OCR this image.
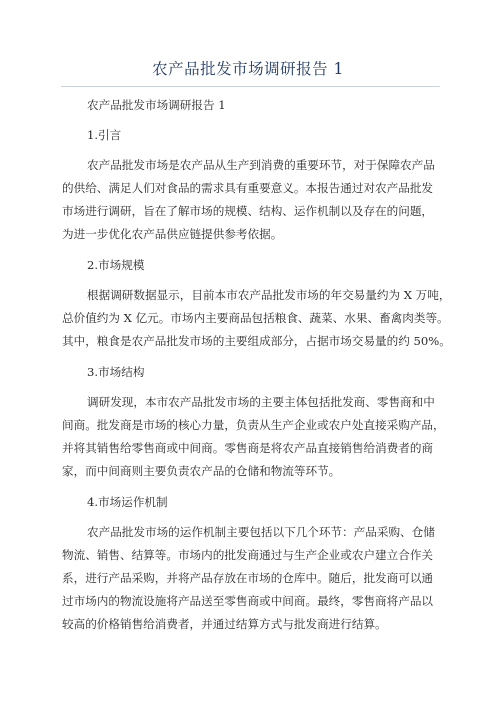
农产品批发市场调研报告 1
农产品批发市场调研报告 1
1.引言
农产品批发市场是农产品从生产到消费的重要环节，对于保障农产品
的供给、满足人们对食品的需求具有重要意义。本报告通过对农产品批发
市场进行调研，旨在了解市场的规模、结构、运作机制以及存在的问题，
为进一步优化农产品供应链提供参考依据。
2.市场规模
根据调研数据显示，目前本市农产品批发市场的年交易量约为 X 万吨，
总价值约为 X 亿元。市场内主要商品包括粮食、蔬菜、水果、畜禽肉类等。
其中，粮食是农产品批发市场的主要组成部分，占据市场交易量的约 50%。
3.市场结构
调研发现，本市农产品批发市场的主要主体包括批发商、零售商和中
间商。批发商是市场的核心力量，负责从生产企业或农户处直接采购产品，
并将其销售给零售商或中间商。零售商是将农产品直接销售给消费者的商
家，而中间商则主要负责农产品的仓储和物流等环节。
4.市场运作机制
农产品批发市场的运作机制主要包括以下几个环节：产品采购、仓储
物流、销售、结算等。市场内的批发商通过与生产企业或农户建立合作关
系，进行产品采购，并将产品存放在市场的仓库中。随后，批发商可以通
过市场内的物流设施将产品送至零售商或中间商。最终，零售商将产品以
较高的价格销售给消费者，并通过结算方式与批发商进行结算。
